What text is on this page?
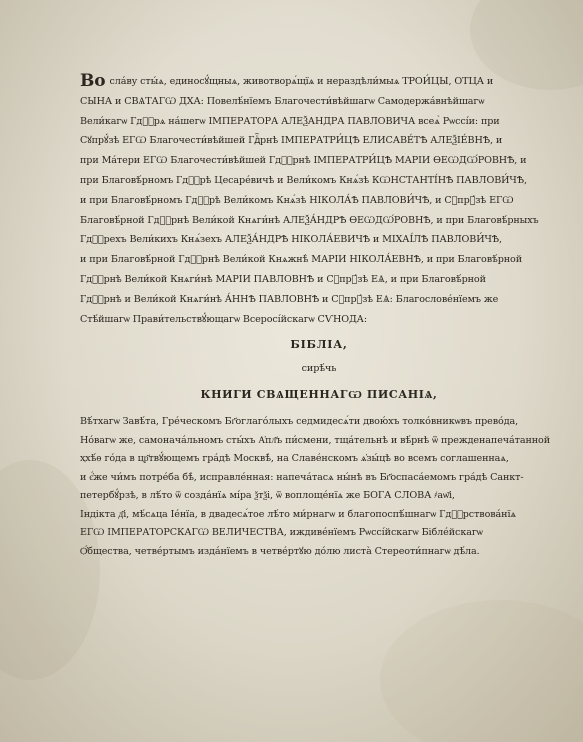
Во сла́ву сты́ѧ, единосꙋ́щныѧ, животворѧ́щїѧ и нераздѣли́мыѧ ТРОИ́ЦЫ, ОТЦА и
СЫНА и СВѦТАГѠ ДХА: Повелѣ́нїемъ Благочести́вѣйшагѡ Самодержа́внѣйшагѡ
Вели́кагѡ Гдⷭ҇рѧ на́шегѡ ІМПЕРАТОРА АЛЕѮАНДРА ПАВЛОВИЧА всеѧ̀ Рѡссі́и: при
Сꙋпрꙋ́зѣ ЕГѠ Благочести́вѣйшей Гдⷭ҇рнѣ ІМПЕРАТРИ́ЦѢ ЕЛИСАВЕ́ТѢ АЛЕѮІЕ́ВНѢ, и
при Ма́тери ЕГѠ Благочести́вѣйшей Гдⷭ҇рнѣ ІМПЕРАТРИ́ЦѢ МАРІИ ѲЕѠДѠ́РОВНѢ, и
при Благовѣ́рномъ Гдⷭ҇рѣ Цесаре́вичѣ и Вели́комъ Кнѧ́зѣ КѠНСТАНТІ́НѢ ПАВЛОВИ́ЧѢ,
и при Благовѣ́рномъ Гдⷭ҇рѣ Вели́комъ Кнѧ́зѣ НІКОЛА́Ѣ ПАВЛОВИ́ЧѢ, и Сꙋпрꙋ́зѣ ЕГѠ
Благовѣ́рной Гдⷭ҇рнѣ Вели́кой Кнѧги́нѣ АЛЕѮА́НДРѢ ѲЕѠДѠ́РОВНѢ, и при Благовѣ́рныхъ
Гдⷭ҇рехъ Вели́кихъ Кнѧ́зехъ АЛЕѮА́НДРѢ НІКОЛА́ЕВИЧѢ и МІХАІ́ЛѢ ПАВЛОВИ́ЧѢ,
и при Благовѣ́рной Гдⷭ҇рнѣ Вели́кой Кнѧжнѣ̀ МАРІИ НІКОЛА́ЕВНѢ, и при Благовѣ́рной
Гдⷭ҇рнѣ Вели́кой Кнѧги́нѣ МАРІИ ПАВЛОВНѢ и Сꙋпрꙋ́зѣ ЕѦ, и при Благовѣ́рной
Гдⷭ҇рнѣ и Вели́кой Кнѧги́нѣ А́ННѢ ПАВЛОВНѢ и Сꙋпрꙋ́зѣ ЕѦ: Благослове́нїемъ же
Стѣ́йшагѡ Прави́тельствꙋ́ющагѡ Всеросі́йскагѡ СѴНОДА:
БІБЛІА,
сирѣ́чь
КНИГИ СВѦЩЕННАГѠ ПИСАНІѦ,
Вѣ́тхагѡ Завѣ́та, Гре́ческомъ Бг҃оглаго́лыхъ седмидесѧ́ти двою́хъ толко́вникѡвъ прево́да,
Но́вагѡ же, самонача́льномъ сты́хъ А҆пл҃ъ пи́смени, тща́тельнѣ и вѣ́рнѣ ѿ прежденапеча́танной
ҳхѣ́ѳ го́да в цр҃твꙋ́ющемъ гра́дѣ Москвѣ̀, на Славе́нскомъ ѧ҆зы́цѣ во всемъ соглашеннаѧ,
и є҆́же чи́мъ потре́ба бѣ̀, исправле́нная: напеча́тасѧ ны́нѣ въ Бг҃оспаса́емомъ гра́дѣ Санкт-
петербꙋ́рзѣ, в лѣ́то ѿ созда́нїѧ мі́ра ѯтѯі, ѿ воплоще́нїѧ же БОГА СЛОВА ҂аѡ҃і,
Індікта д҃і, мѣ́сѧца Іе́нїа, в двадесѧ́тое лѣ́то ми́рнагѡ и благопоспѣ́шнагѡ Гдⷭ҇рствова́нїѧ
ЕГѠ ІМПЕРАТОРСКАГѠ ВЕЛИЧЕСТВА, иждиве́нїемъ Рѡссі́йскагѡ Бібле́йскагѡ
Ѻ҆́бщества, четве́ртымъ изда́нїемъ в четве́ртꙋю до́лю листа̀ Стереоти́пнагѡ дѣ́ла.
